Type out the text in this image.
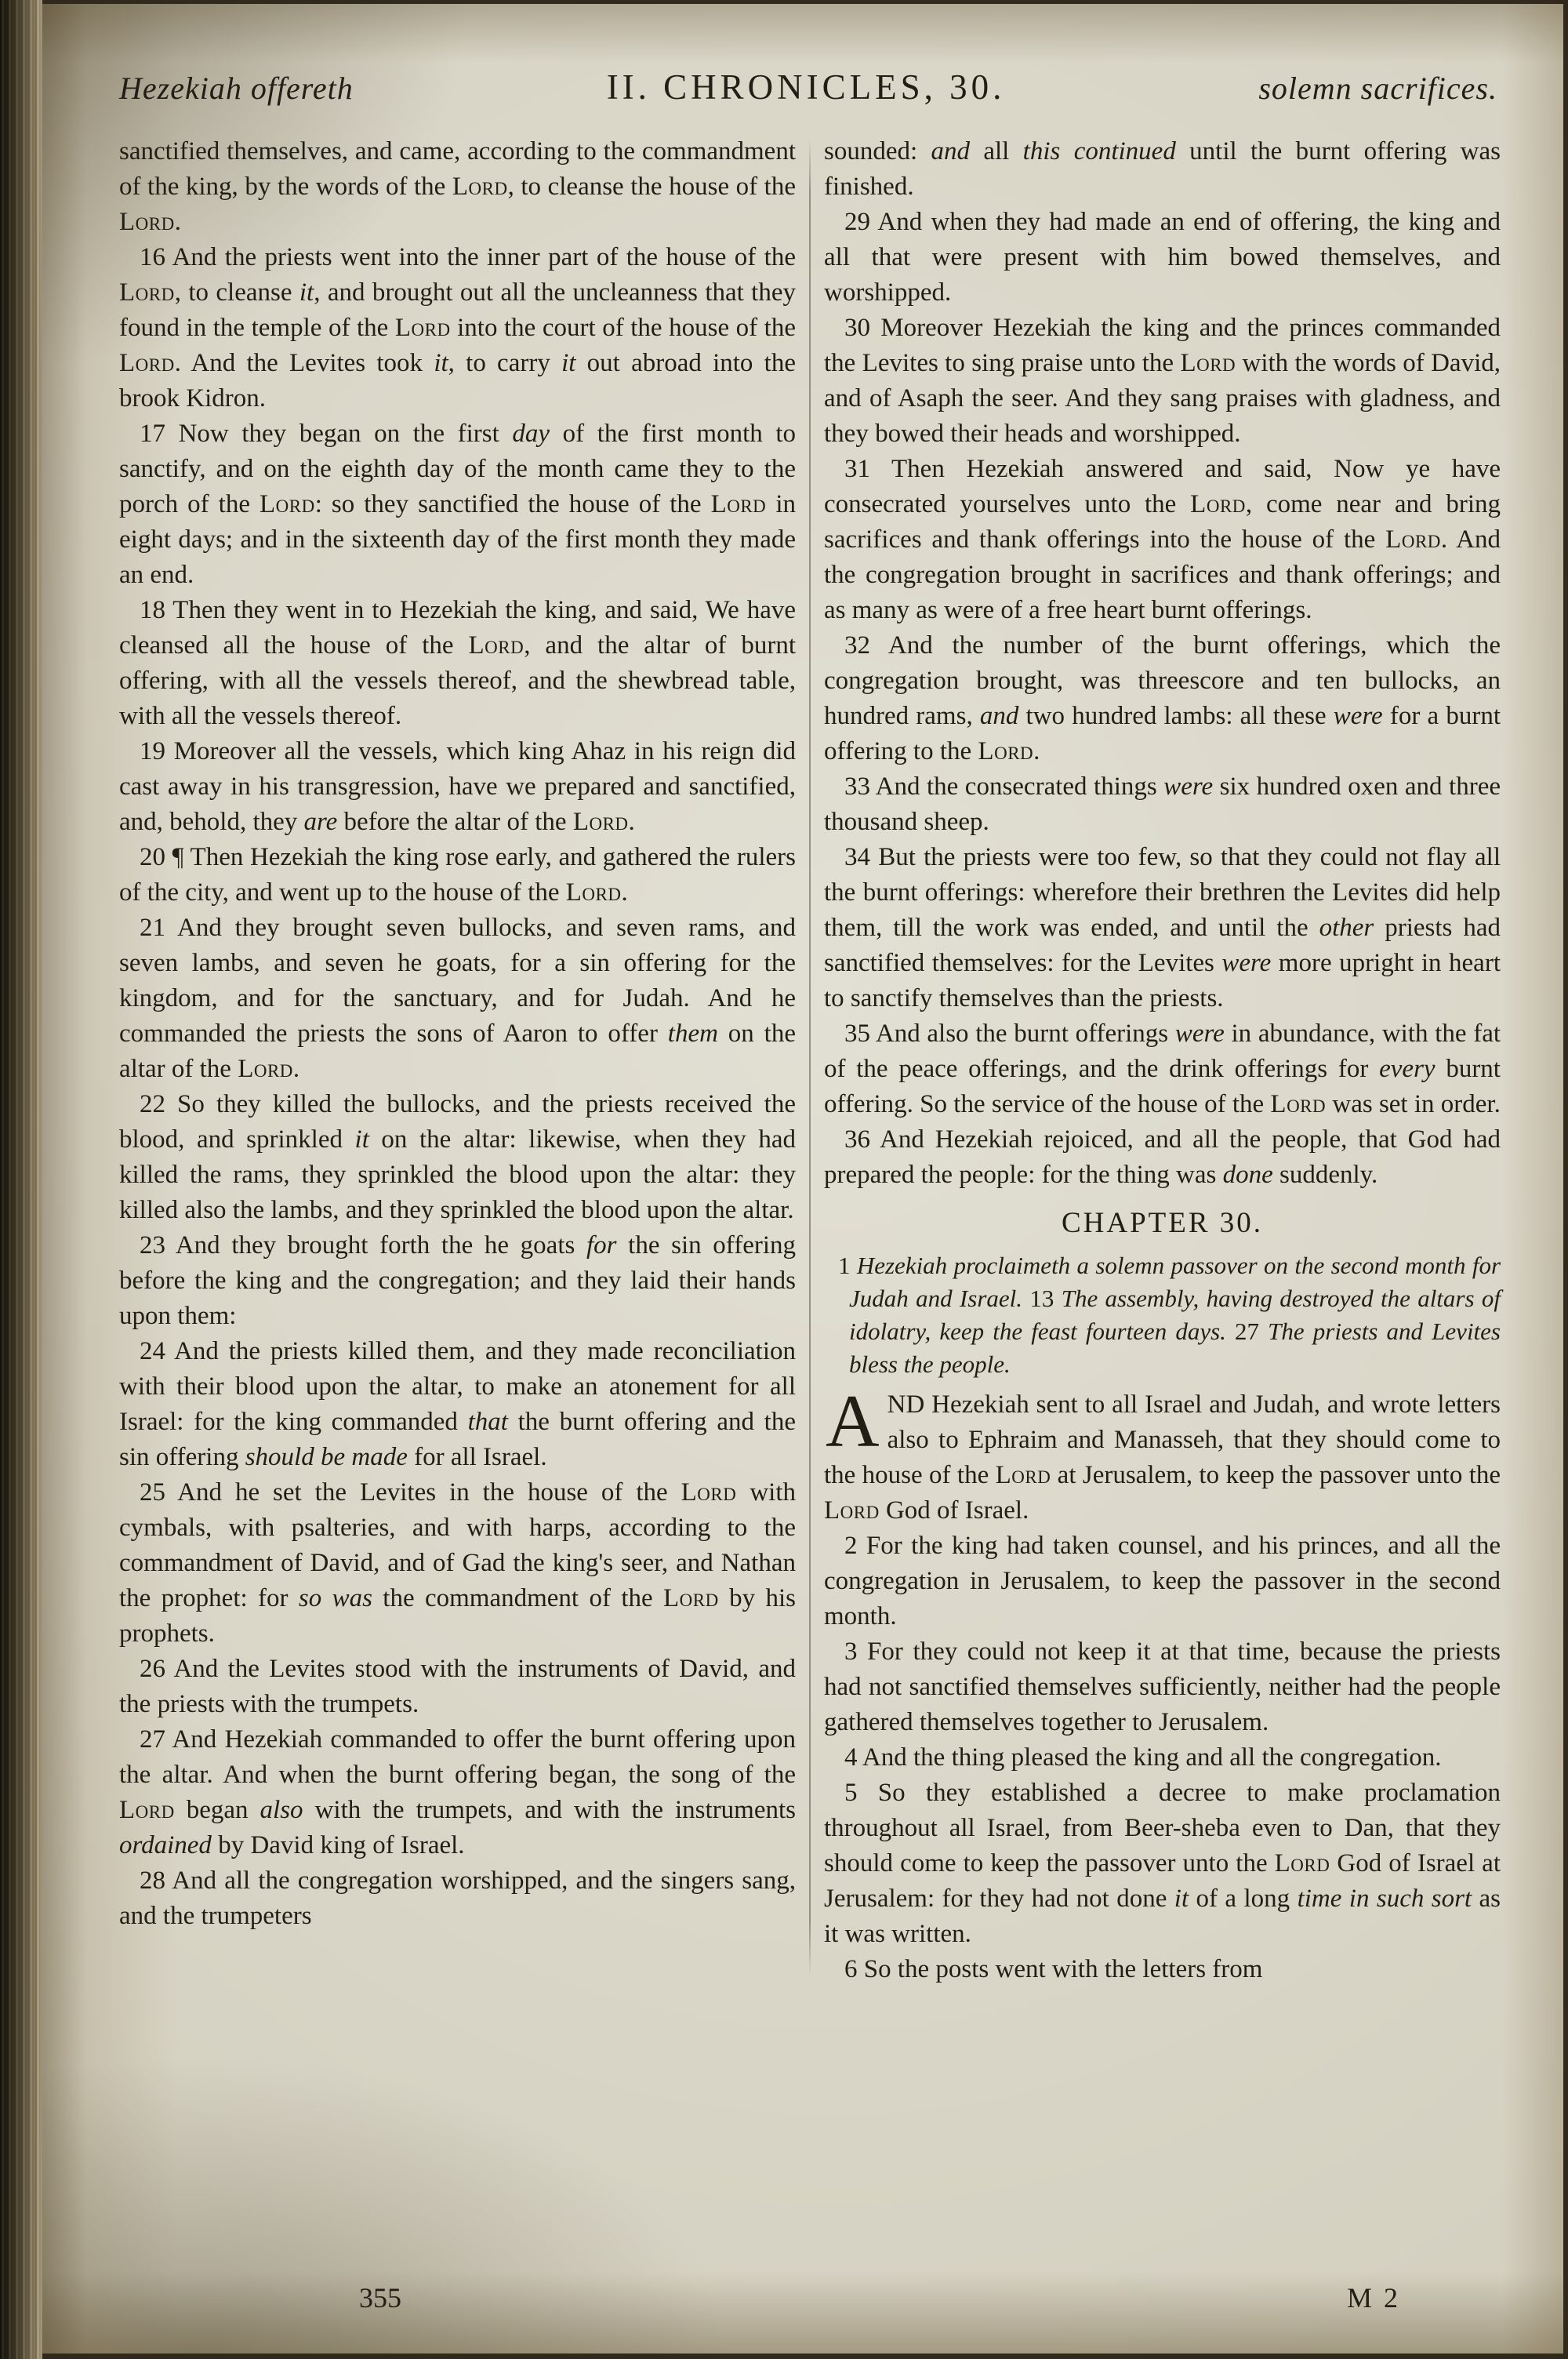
Hezekiah offereth	II. CHRONICLES, 30.	solemn sacrifices.

sanctified themselves, and came, according to the commandment of the king, by the words of the Lord, to cleanse the house of the Lord.

16 And the priests went into the inner part of the house of the Lord, to cleanse it, and brought out all the uncleanness that they found in the temple of the Lord into the court of the house of the Lord. And the Levites took it, to carry it out abroad into the brook Kidron.

17 Now they began on the first day of the first month to sanctify, and on the eighth day of the month came they to the porch of the Lord: so they sanctified the house of the Lord in eight days; and in the sixteenth day of the first month they made an end.

18 Then they went in to Hezekiah the king, and said, We have cleansed all the house of the Lord, and the altar of burnt offering, with all the vessels thereof, and the shewbread table, with all the vessels thereof.

19 Moreover all the vessels, which king Ahaz in his reign did cast away in his transgression, have we prepared and sanctified, and, behold, they are before the altar of the Lord.

20 ¶ Then Hezekiah the king rose early, and gathered the rulers of the city, and went up to the house of the Lord.

21 And they brought seven bullocks, and seven rams, and seven lambs, and seven he goats, for a sin offering for the kingdom, and for the sanctuary, and for Judah. And he commanded the priests the sons of Aaron to offer them on the altar of the Lord.

22 So they killed the bullocks, and the priests received the blood, and sprinkled it on the altar: likewise, when they had killed the rams, they sprinkled the blood upon the altar: they killed also the lambs, and they sprinkled the blood upon the altar.

23 And they brought forth the he goats for the sin offering before the king and the congregation; and they laid their hands upon them:

24 And the priests killed them, and they made reconciliation with their blood upon the altar, to make an atonement for all Israel: for the king commanded that the burnt offering and the sin offering should be made for all Israel.

25 And he set the Levites in the house of the Lord with cymbals, with psalteries, and with harps, according to the commandment of David, and of Gad the king's seer, and Nathan the prophet: for so was the commandment of the Lord by his prophets.

26 And the Levites stood with the instruments of David, and the priests with the trumpets.

27 And Hezekiah commanded to offer the burnt offering upon the altar. And when the burnt offering began, the song of the Lord began also with the trumpets, and with the instruments ordained by David king of Israel.

28 And all the congregation worshipped, and the singers sang, and the trumpeters

sounded: and all this continued until the burnt offering was finished.

29 And when they had made an end of offering, the king and all that were present with him bowed themselves, and worshipped.

30 Moreover Hezekiah the king and the princes commanded the Levites to sing praise unto the Lord with the words of David, and of Asaph the seer. And they sang praises with gladness, and they bowed their heads and worshipped.

31 Then Hezekiah answered and said, Now ye have consecrated yourselves unto the Lord, come near and bring sacrifices and thank offerings into the house of the Lord. And the congregation brought in sacrifices and thank offerings; and as many as were of a free heart burnt offerings.

32 And the number of the burnt offerings, which the congregation brought, was threescore and ten bullocks, an hundred rams, and two hundred lambs: all these were for a burnt offering to the Lord.

33 And the consecrated things were six hundred oxen and three thousand sheep.

34 But the priests were too few, so that they could not flay all the burnt offerings: wherefore their brethren the Levites did help them, till the work was ended, and until the other priests had sanctified themselves: for the Levites were more upright in heart to sanctify themselves than the priests.

35 And also the burnt offerings were in abundance, with the fat of the peace offerings, and the drink offerings for every burnt offering. So the service of the house of the Lord was set in order.

36 And Hezekiah rejoiced, and all the people, that God had prepared the people: for the thing was done suddenly.

CHAPTER 30.

1 Hezekiah proclaimeth a solemn passover on the second month for Judah and Israel. 13 The assembly, having destroyed the altars of idolatry, keep the feast fourteen days. 27 The priests and Levites bless the people.

AND Hezekiah sent to all Israel and Judah, and wrote letters also to Ephraim and Manasseh, that they should come to the house of the Lord at Jerusalem, to keep the passover unto the Lord God of Israel.

2 For the king had taken counsel, and his princes, and all the congregation in Jerusalem, to keep the passover in the second month.

3 For they could not keep it at that time, because the priests had not sanctified themselves sufficiently, neither had the people gathered themselves together to Jerusalem.

4 And the thing pleased the king and all the congregation.

5 So they established a decree to make proclamation throughout all Israel, from Beer-sheba even to Dan, that they should come to keep the passover unto the Lord God of Israel at Jerusalem: for they had not done it of a long time in such sort as it was written.

6 So the posts went with the letters from

355	M 2
